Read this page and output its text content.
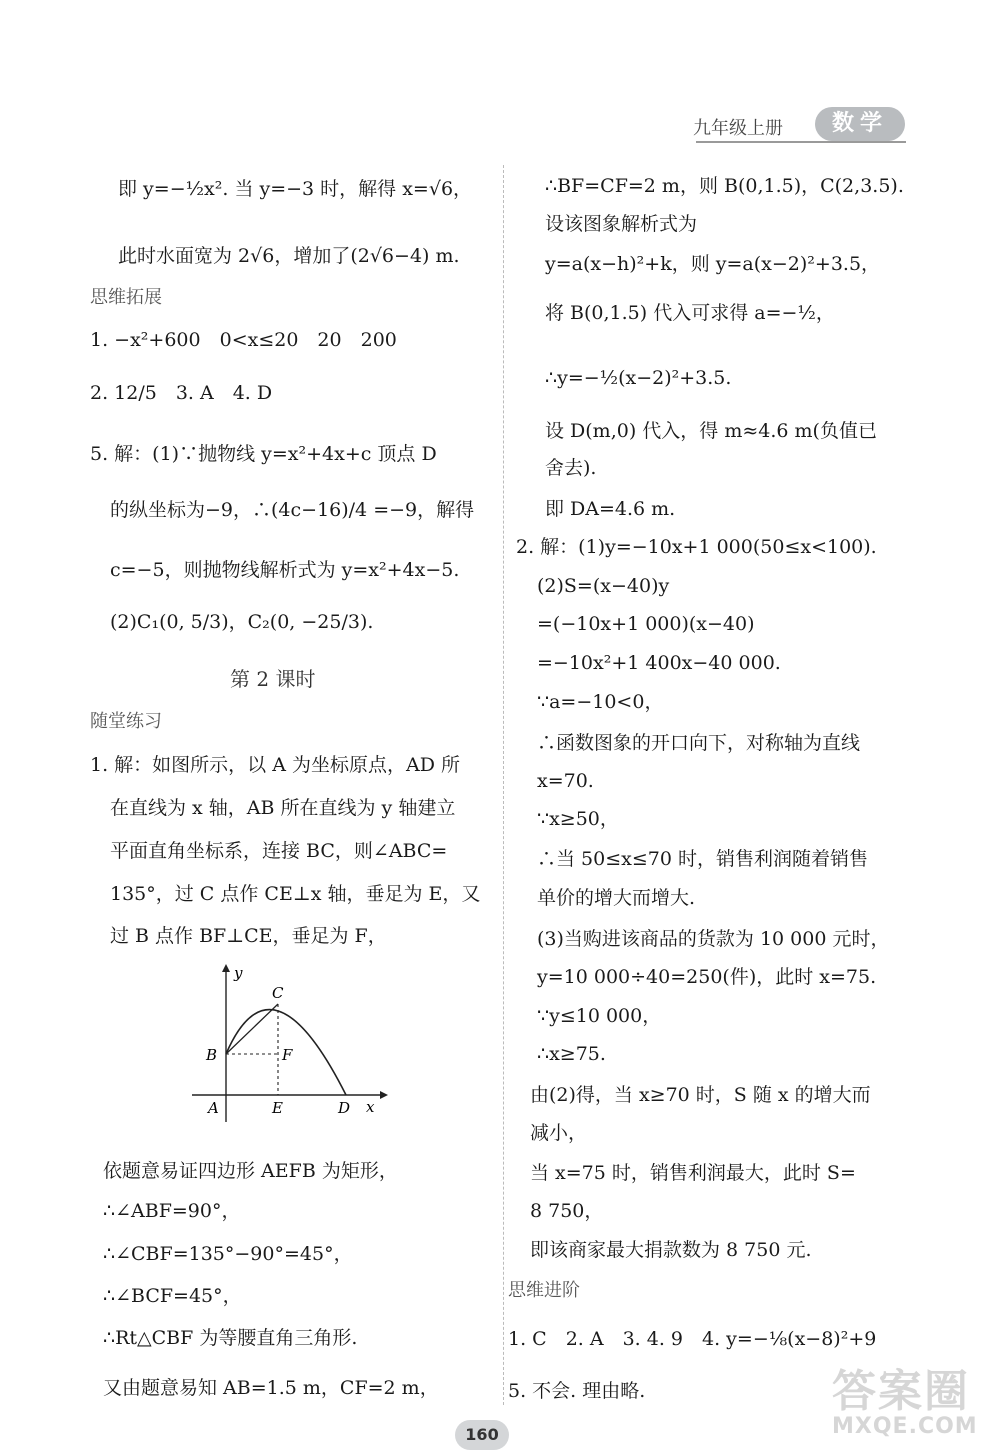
九年级上册	数学
即 y=−½x². 当 y=−3 时，解得 x=√6，
此时水面宽为 2√6，增加了(2√6−4) m.
1. −x²+600　0<x≤20　20　200
2. 12/5　3. A　4. D
5. 解：(1)∵抛物线 y=x²+4x+c 顶点 D
的纵坐标为−9，∴(4c−16)/4 =−9，解得
c=−5，则抛物线解析式为 y=x²+4x−5.
(2)C₁(0, 5/3)，C₂(0, −25/3).
1. 解：如图所示，以 A 为坐标原点，AD 所
在直线为 x 轴，AB 所在直线为 y 轴建立
平面直角坐标系，连接 BC，则∠ABC=
135°，过 C 点作 CE⊥x 轴，垂足为 E，又
过 B 点作 BF⊥CE，垂足为 F，
依题意易证四边形 AEFB 为矩形，
∴∠ABF=90°，
∴∠CBF=135°−90°=45°，
∴∠BCF=45°，
∴Rt△CBF 为等腰直角三角形.
又由题意易知 AB=1.5 m，CF=2 m，
∴BF=CF=2 m，则 B(0,1.5)，C(2,3.5).
设该图象解析式为
y=a(x−h)²+k，则 y=a(x−2)²+3.5，
将 B(0,1.5) 代入可求得 a=−½，
∴y=−½(x−2)²+3.5.
设 D(m,0) 代入，得 m≈4.6 m(负值已
舍去).
即 DA=4.6 m.
2. 解：(1)y=−10x+1 000(50≤x<100).
(2)S=(x−40)y
=(−10x+1 000)(x−40)
=−10x²+1 400x−40 000.
∵a=−10<0，
∴函数图象的开口向下，对称轴为直线
x=70.
∵x≥50，
∴当 50≤x≤70 时，销售利润随着销售
单价的增大而增大.
(3)当购进该商品的货款为 10 000 元时，
y=10 000÷40=250(件)，此时 x=75.
∵y≤10 000，
∴x≥75.
由(2)得，当 x≥70 时，S 随 x 的增大而
减小，
当 x=75 时，销售利润最大，此时 S=
8 750，
即该商家最大捐款数为 8 750 元.
1. C　2. A　3. 4. 9　4. y=−⅛(x−8)²+9
5. 不会. 理由略.
思维拓展
第 2 课时
随堂练习
思维进阶
y
x
A
B
C
D
E
F
160
答案圈
MXQE.COM
